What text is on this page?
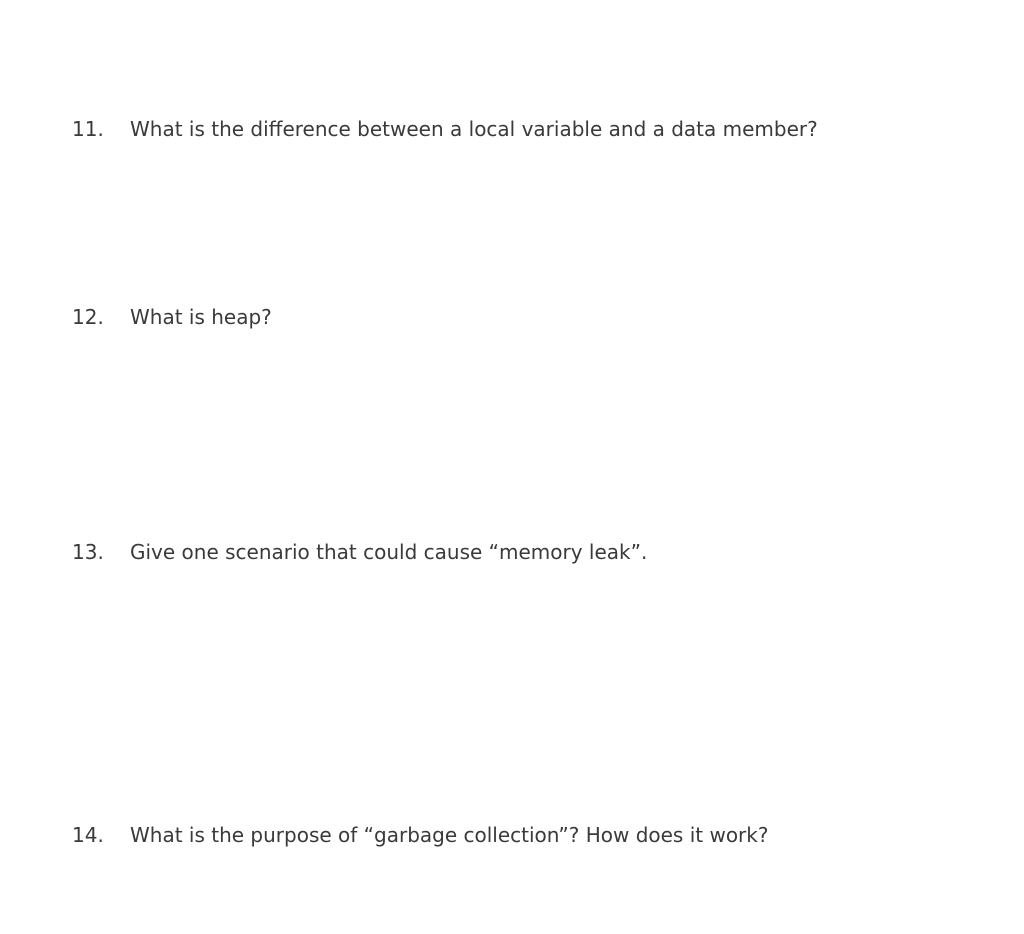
11. What is the difference between a local variable and a data member?
12. What is heap?
13. Give one scenario that could cause “memory leak”.
14. What is the purpose of “garbage collection”? How does it work?
